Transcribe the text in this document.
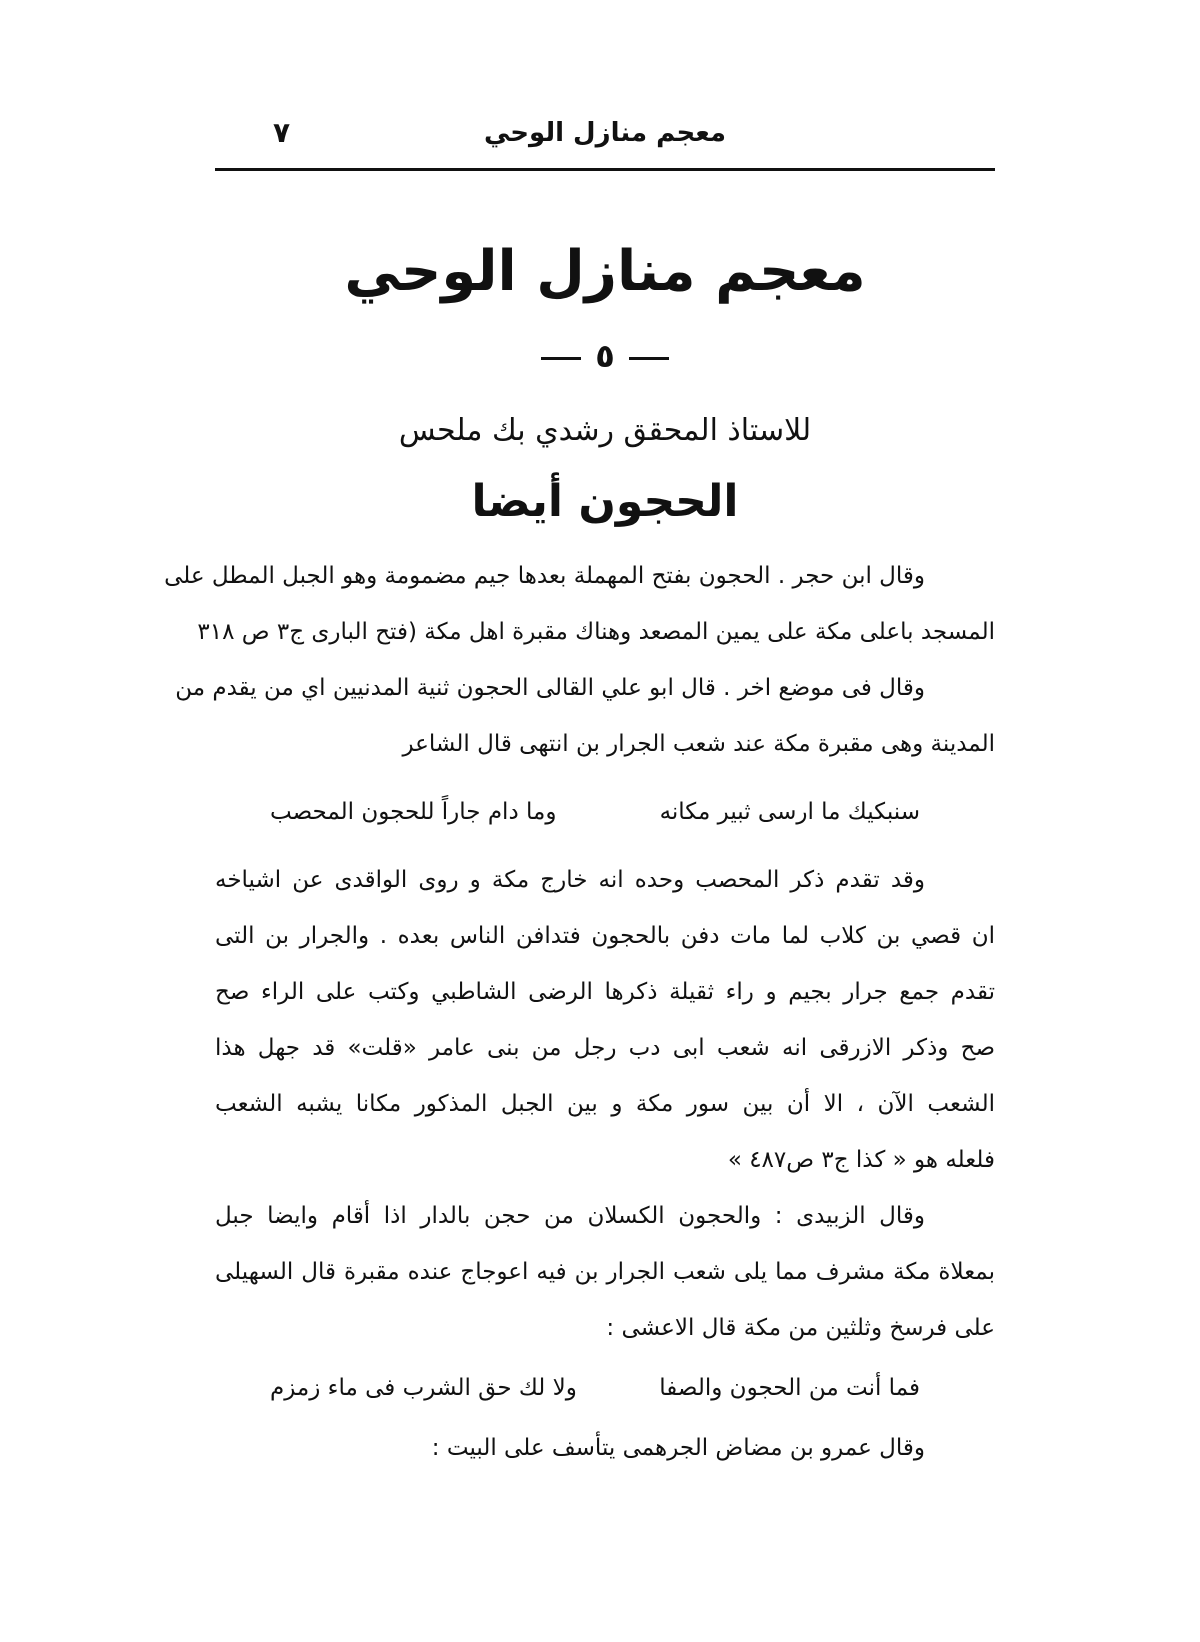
معجم منازل الوحي
٧
معجم منازل الوحي
٥
للاستاذ المحقق رشدي بك ملحس
الحجون أيضا
وقال ابن حجر . الحجون بفتح المهملة بعدها جيم مضمومة وهو الجبل المطل على
المسجد باعلى مكة على يمين المصعد وهناك مقبرة اهل مكة (فتح البارى ج٣ ص ٣١٨
وقال فى موضع اخر . قال ابو علي القالى الحجون ثنية المدنيين اي من يقدم من
المدينة وهى مقبرة مكة عند شعب الجرار بن انتهى قال الشاعر
سنبكيك ما ارسى ثبير مكانه
وما دام جاراً للحجون المحصب
وقد تقدم ذكر المحصب وحده انه خارج مكة و روى الواقدى عن اشياخه
ان قصي بن كلاب لما مات دفن بالحجون فتدافن الناس بعده . والجرار بن التى
تقدم جمع جرار بجيم و راء ثقيلة ذكرها الرضى الشاطبي وكتب على الراء صح
صح وذكر الازرقى انه شعب ابى دب رجل من بنى عامر «قلت» قد جهل هذا
الشعب الآن ، الا أن بين سور مكة و بين الجبل المذكور مكانا يشبه الشعب
فلعله هو « كذا ج٣ ص٤٨٧ »
وقال الزبيدى : والحجون الكسلان من حجن بالدار اذا أقام وايضا جبل
بمعلاة مكة مشرف مما يلى شعب الجرار بن فيه اعوجاج عنده مقبرة قال السهيلى
على فرسخ وثلثين من مكة قال الاعشى :
فما أنت من الحجون والصفا
ولا لك حق الشرب فى ماء زمزم
وقال عمرو بن مضاض الجرهمى يتأسف على البيت :
